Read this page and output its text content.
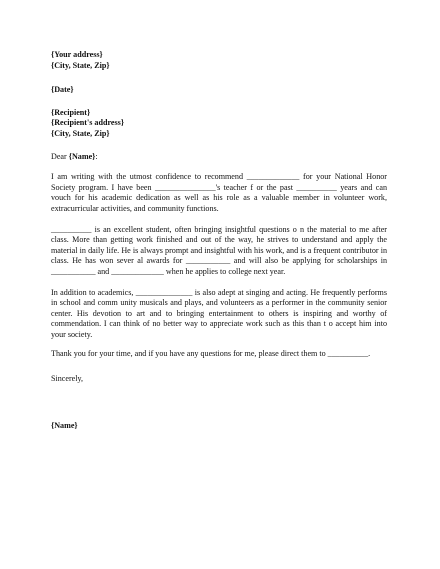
{Your address}
{City, State, Zip}
{Date}
{Recipient}
{Recipient's address}
{City, State, Zip}
Dear {Name}:

I am writing with the utmost confidence to recommend _____________ for your National Honor Society program. I have been _______________'s teacher f or the past __________ years and can vouch for his academic dedication as well as his role as a valuable member in volunteer work, extracurricular activities, and community functions.

__________ is an excellent student, often bringing insightful questions o n the material to me after class. More than getting work finished and out of the way, he strives to understand and apply the material in daily life. He is always prompt and insightful with his work, and is a frequent contributor in class. He has won sever al awards for ___________ and will also be applying for scholarships in ___________ and _____________ when he applies to college next year.

In addition to academics, ______________ is also adept at singing and acting. He frequently performs in school and comm unity musicals and plays, and volunteers as a performer in the community senior center. His devotion to art and to bringing entertainment to others is inspiring and worthy of commendation. I can think of no better way to appreciate work such as this than t o accept him into your society.

Thank you for your time, and if you have any questions for me, please direct them to __________.

Sincerely,
{Name}
